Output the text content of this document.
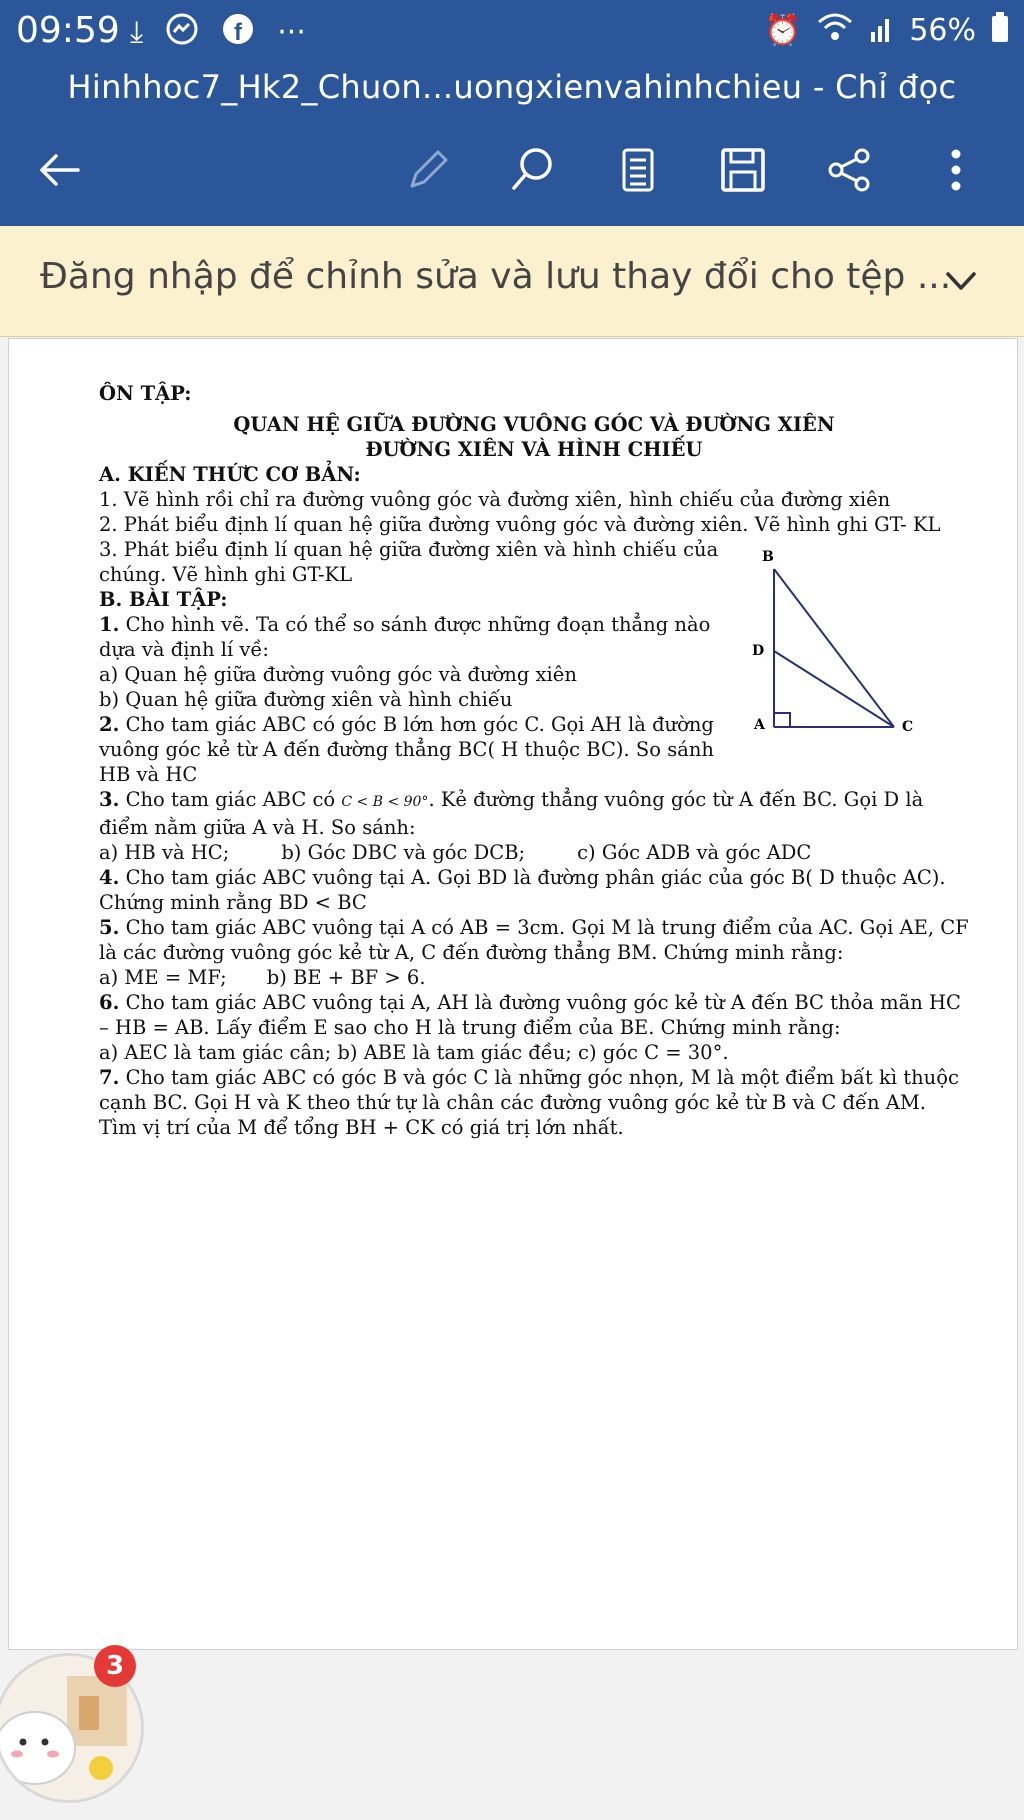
09:59 ⤓	f ···	⏰	56%
Hinhhoc7_Hk2_Chuon...uongxienvahinhchieu - Chỉ đọc
Đăng nhập để chỉnh sửa và lưu thay đổi cho tệp ...

ÔN TẬP:

QUAN HỆ GIỮA ĐƯỜNG VUÔNG GÓC VÀ ĐƯỜNG XIÊN

ĐƯỜNG XIÊN VÀ HÌNH CHIẾU

A. KIẾN THỨC CƠ BẢN:

1. Vẽ hình rồi chỉ ra đường vuông góc và đường xiên, hình chiếu của đường xiên

2. Phát biểu định lí quan hệ giữa đường vuông góc và đường xiên. Vẽ hình ghi GT- KL

3. Phát biểu định lí quan hệ giữa đường xiên và hình chiếu của chúng. Vẽ hình ghi GT-KL

B. BÀI TẬP:

1. Cho hình vẽ. Ta có thể so sánh được những đoạn thẳng nào dựa và định lí về:

a) Quan hệ giữa đường vuông góc và đường xiên

b) Quan hệ giữa đường xiên và hình chiếu

2. Cho tam giác ABC có góc B lớn hơn góc C. Gọi AH là đường vuông góc kẻ từ A đến đường thẳng BC( H thuộc BC). So sánh HB và HC

3. Cho tam giác ABC có C < B < 90°. Kẻ đường thẳng vuông góc từ A đến BC. Gọi D là điểm nằm giữa A và H. So sánh:

a) HB và HC;	b) Góc DBC và góc DCB;	c) Góc ADB và góc ADC

4. Cho tam giác ABC vuông tại A. Gọi BD là đường phân giác của góc B( D thuộc AC). Chứng minh rằng BD < BC

5. Cho tam giác ABC vuông tại A có AB = 3cm. Gọi M là trung điểm của AC. Gọi AE, CF là các đường vuông góc kẻ từ A, C đến đường thẳng BM. Chứng minh rằng:

a) ME = MF; b) BE + BF > 6.

6. Cho tam giác ABC vuông tại A, AH là đường vuông góc kẻ từ A đến BC thỏa mãn HC – HB = AB. Lấy điểm E sao cho H là trung điểm của BE. Chứng minh rằng:

a) AEC là tam giác cân; b) ABE là tam giác đều; c) góc C = 30°.

7. Cho tam giác ABC có góc B và góc C là những góc nhọn, M là một điểm bất kì thuộc cạnh BC. Gọi H và K theo thứ tự là chân các đường vuông góc kẻ từ B và C đến AM. Tìm vị trí của M để tổng BH + CK có giá trị lớn nhất.

B
D
A	C
3
